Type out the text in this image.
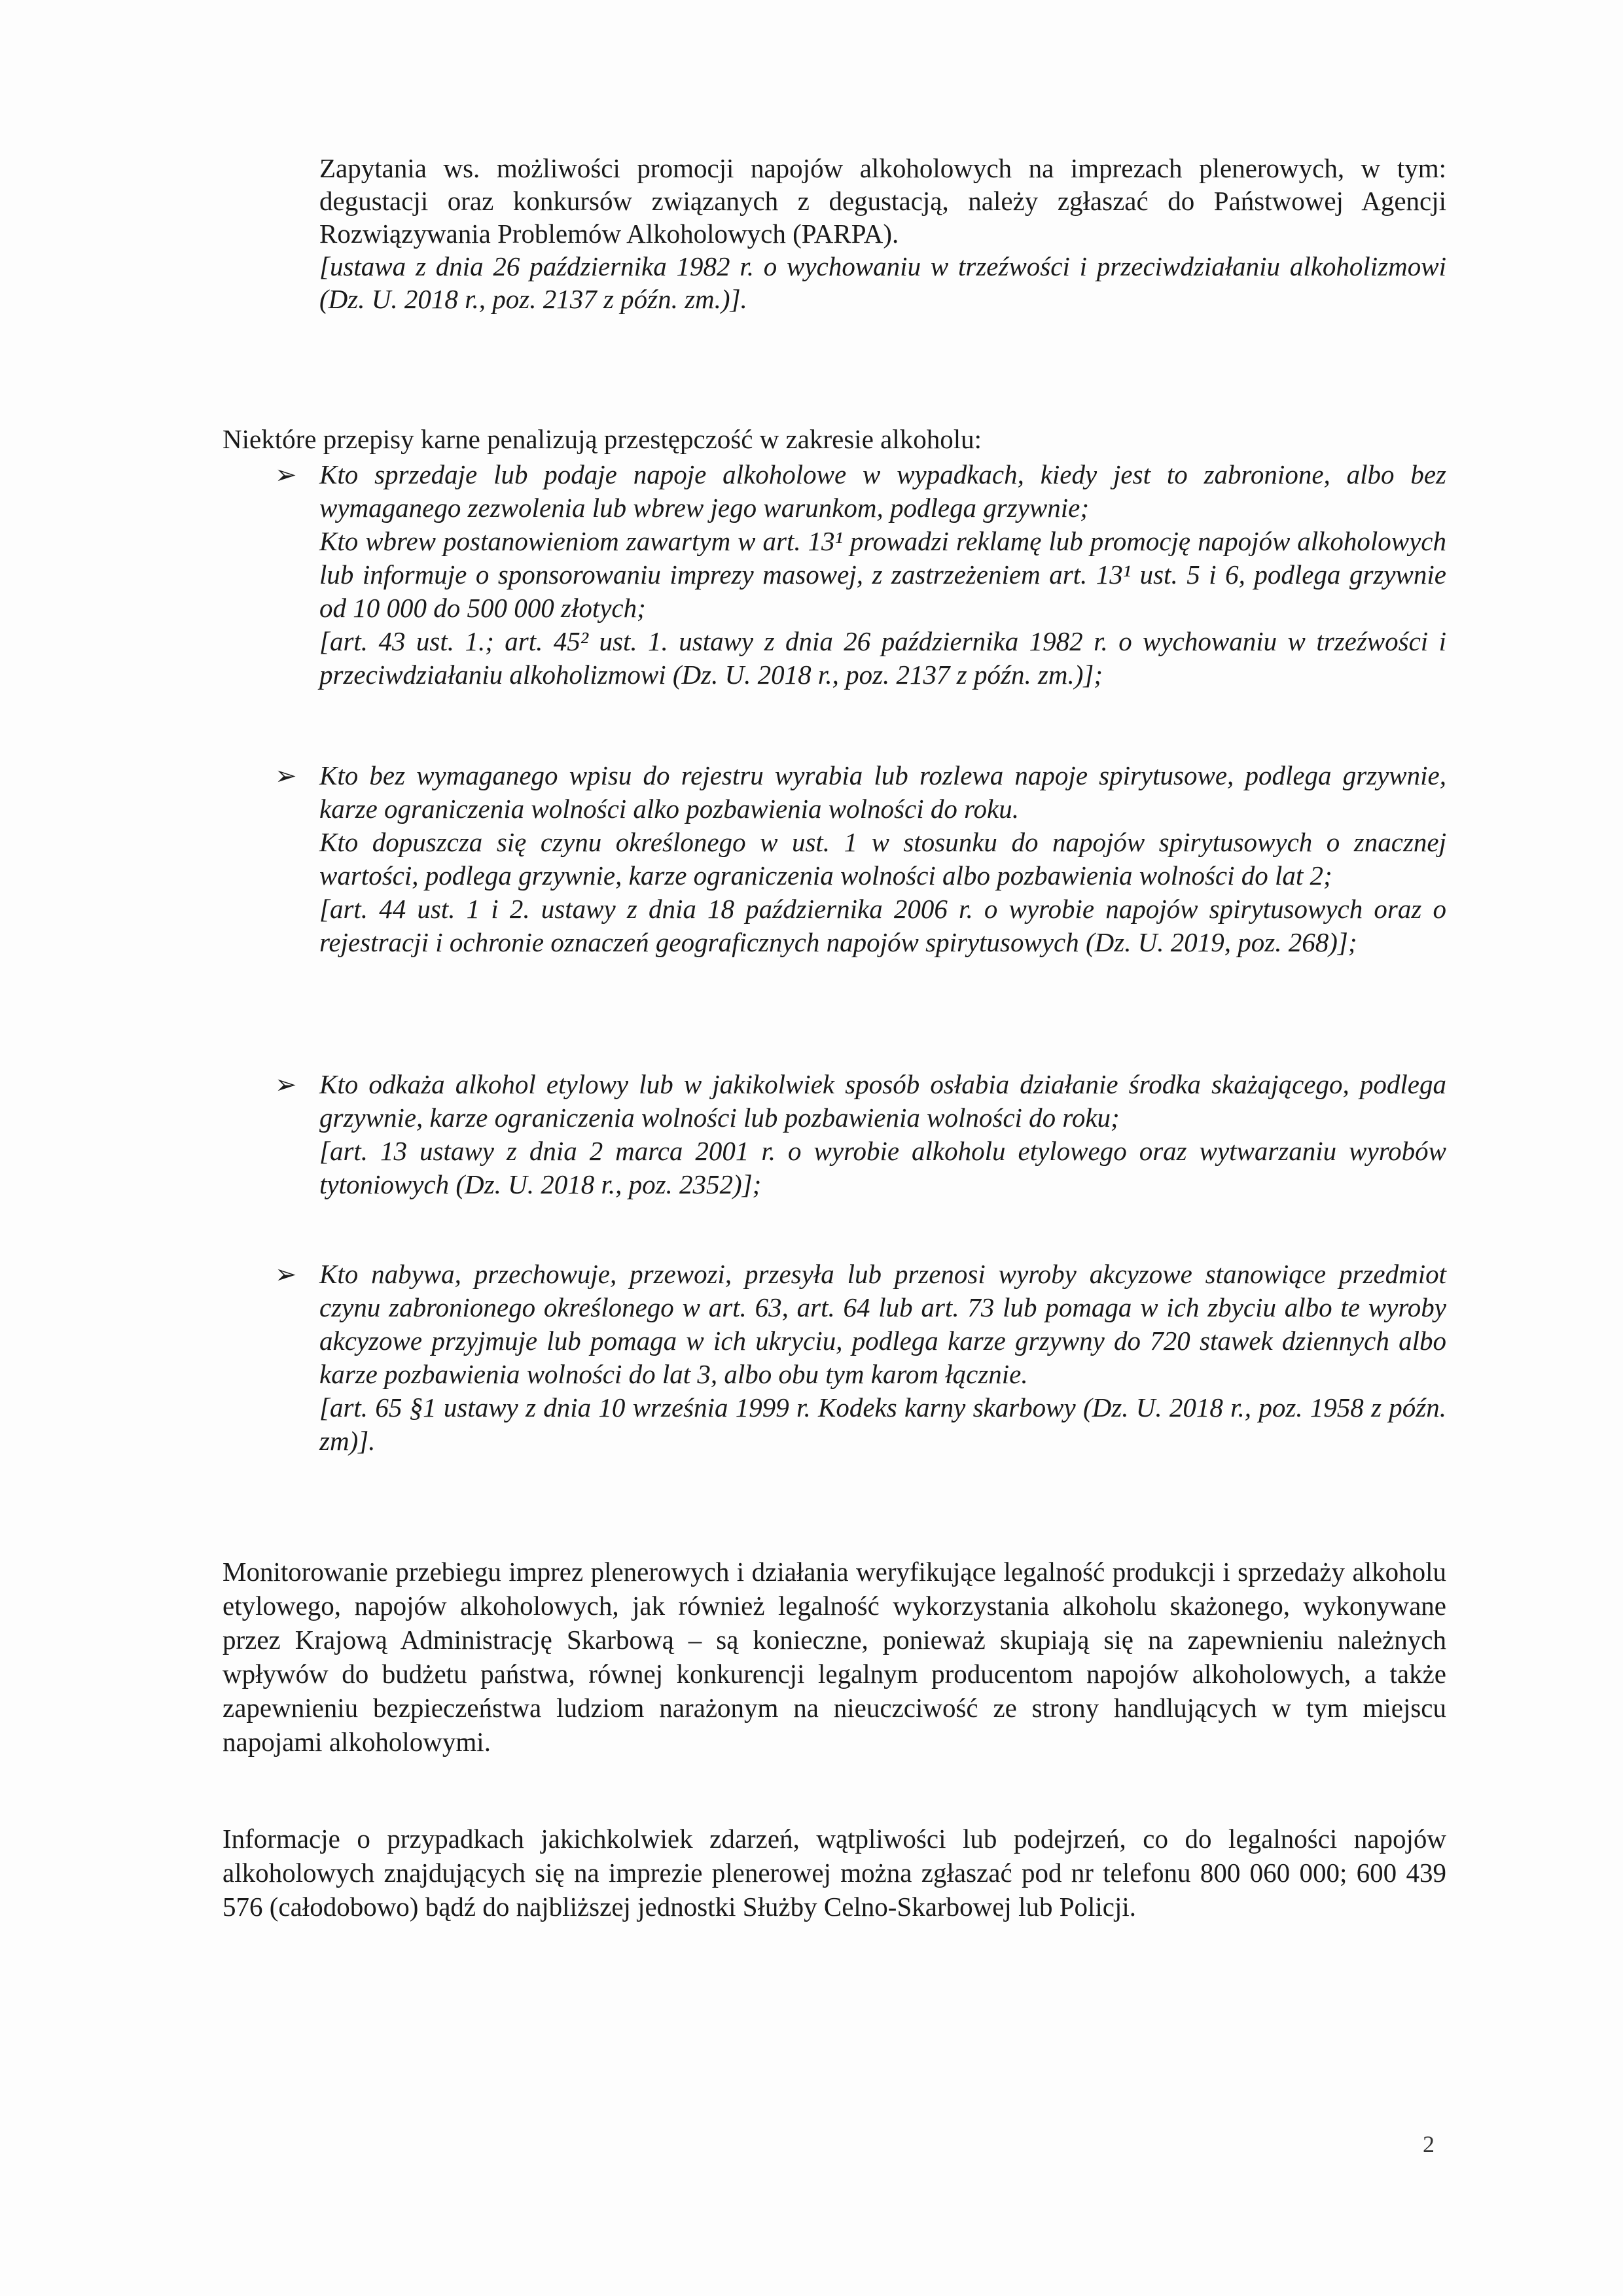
Zapytania ws. możliwości promocji napojów alkoholowych na imprezach plenerowych, w tym: degustacji oraz konkursów związanych z degustacją, należy zgłaszać do Państwowej Agencji Rozwiązywania Problemów Alkoholowych (PARPA).

[ustawa z dnia 26 października 1982 r. o wychowaniu w trzeźwości i przeciwdziałaniu alkoholizmowi (Dz. U. 2018 r., poz. 2137 z późn. zm.)].

Niektóre przepisy karne penalizują przestępczość w zakresie alkoholu:
➢ Kto sprzedaje lub podaje napoje alkoholowe w wypadkach, kiedy jest to zabronione, albo bez wymaganego zezwolenia lub wbrew jego warunkom, podlega grzywnie;

Kto wbrew postanowieniom zawartym w art. 13¹ prowadzi reklamę lub promocję napojów alkoholowych lub informuje o sponsorowaniu imprezy masowej, z zastrzeżeniem art. 13¹ ust. 5 i 6, podlega grzywnie od 10 000 do 500 000 złotych;

[art. 43 ust. 1.; art. 45² ust. 1. ustawy z dnia 26 października 1982 r. o wychowaniu w trzeźwości i przeciwdziałaniu alkoholizmowi (Dz. U. 2018 r., poz. 2137 z późn. zm.)];

➢ Kto bez wymaganego wpisu do rejestru wyrabia lub rozlewa napoje spirytusowe, podlega grzywnie, karze ograniczenia wolności alko pozbawienia wolności do roku.

Kto dopuszcza się czynu określonego w ust. 1 w stosunku do napojów spirytusowych o znacznej wartości, podlega grzywnie, karze ograniczenia wolności albo pozbawienia wolności do lat 2;

[art. 44 ust. 1 i 2. ustawy z dnia 18 października 2006 r. o wyrobie napojów spirytusowych oraz o rejestracji i ochronie oznaczeń geograficznych napojów spirytusowych (Dz. U. 2019, poz. 268)];

➢ Kto odkaża alkohol etylowy lub w jakikolwiek sposób osłabia działanie środka skażającego, podlega grzywnie, karze ograniczenia wolności lub pozbawienia wolności do roku;

[art. 13 ustawy z dnia 2 marca 2001 r. o wyrobie alkoholu etylowego oraz wytwarzaniu wyrobów tytoniowych (Dz. U. 2018 r., poz. 2352)];

➢ Kto nabywa, przechowuje, przewozi, przesyła lub przenosi wyroby akcyzowe stanowiące przedmiot czynu zabronionego określonego w art. 63, art. 64 lub art. 73 lub pomaga w ich zbyciu albo te wyroby akcyzowe przyjmuje lub pomaga w ich ukryciu, podlega karze grzywny do 720 stawek dziennych albo karze pozbawienia wolności do lat 3, albo obu tym karom łącznie.

[art. 65 §1 ustawy z dnia 10 września 1999 r. Kodeks karny skarbowy (Dz. U. 2018 r., poz. 1958 z późn. zm)].

Monitorowanie przebiegu imprez plenerowych i działania weryfikujące legalność produkcji i sprzedaży alkoholu etylowego, napojów alkoholowych, jak również legalność wykorzystania alkoholu skażonego, wykonywane przez Krajową Administrację Skarbową – są konieczne, ponieważ skupiają się na zapewnieniu należnych wpływów do budżetu państwa, równej konkurencji legalnym producentom napojów alkoholowych, a także zapewnieniu bezpieczeństwa ludziom narażonym na nieuczciwość ze strony handlujących w tym miejscu napojami alkoholowymi.
Informacje o przypadkach jakichkolwiek zdarzeń, wątpliwości lub podejrzeń, co do legalności napojów alkoholowych znajdujących się na imprezie plenerowej można zgłaszać pod nr telefonu 800 060 000; 600 439 576 (całodobowo) bądź do najbliższej jednostki Służby Celno-Skarbowej lub Policji.
2
